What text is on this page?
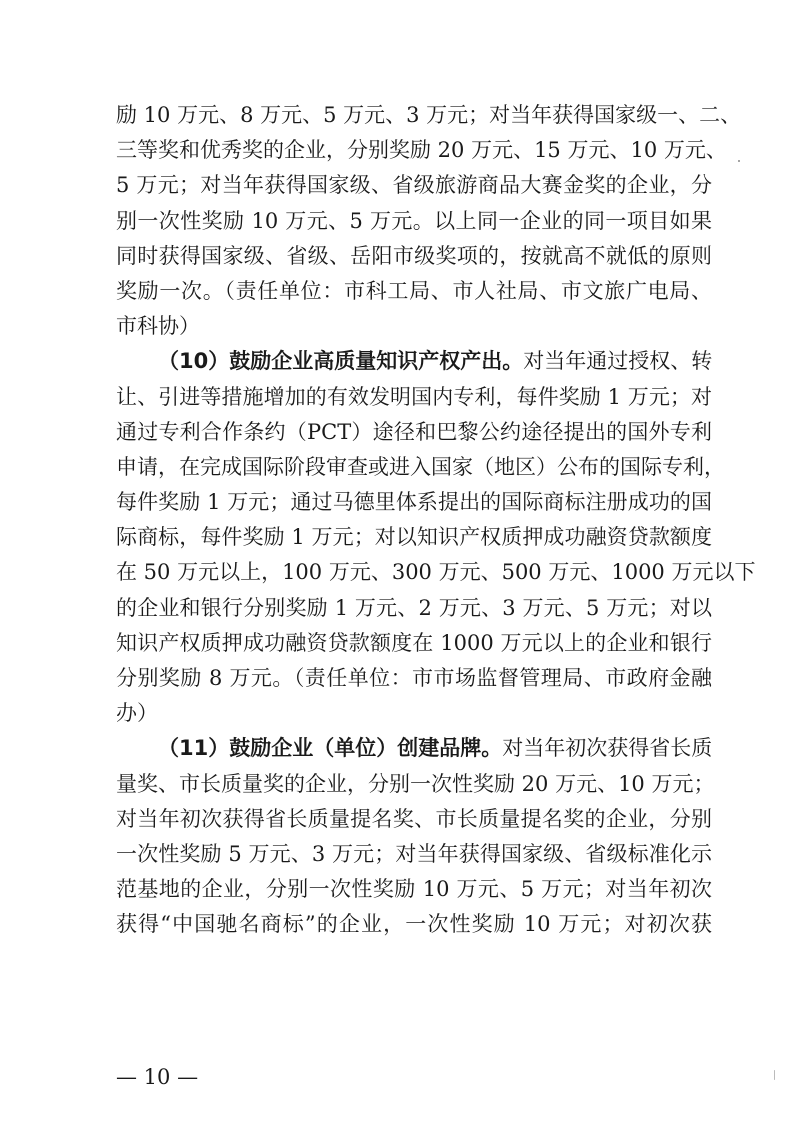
励 10 万元、8 万元、5 万元、3 万元；对当年获得国家级一、二、
三等奖和优秀奖的企业，分别奖励 20 万元、15 万元、10 万元、
5 万元；对当年获得国家级、省级旅游商品大赛金奖的企业，分
别一次性奖励 10 万元、5 万元。以上同一企业的同一项目如果
同时获得国家级、省级、岳阳市级奖项的，按就高不就低的原则
奖励一次。（责任单位：市科工局、市人社局、市文旅广电局、
市科协）
（10）鼓励企业高质量知识产权产出。对当年通过授权、转
让、引进等措施增加的有效发明国内专利，每件奖励 1 万元；对
通过专利合作条约（PCT）途径和巴黎公约途径提出的国外专利
申请，在完成国际阶段审查或进入国家（地区）公布的国际专利，
每件奖励 1 万元；通过马德里体系提出的国际商标注册成功的国
际商标，每件奖励 1 万元；对以知识产权质押成功融资贷款额度
在 50 万元以上，100 万元、300 万元、500 万元、1000 万元以下
的企业和银行分别奖励 1 万元、2 万元、3 万元、5 万元；对以
知识产权质押成功融资贷款额度在 1000 万元以上的企业和银行
分别奖励 8 万元。（责任单位：市市场监督管理局、市政府金融
办）
（11）鼓励企业（单位）创建品牌。对当年初次获得省长质
量奖、市长质量奖的企业，分别一次性奖励 20 万元、10 万元；
对当年初次获得省长质量提名奖、市长质量提名奖的企业，分别
一次性奖励 5 万元、3 万元；对当年获得国家级、省级标准化示
范基地的企业，分别一次性奖励 10 万元、5 万元；对当年初次
获得“中国驰名商标”的企业，一次性奖励 10 万元；对初次获
— 10 —
